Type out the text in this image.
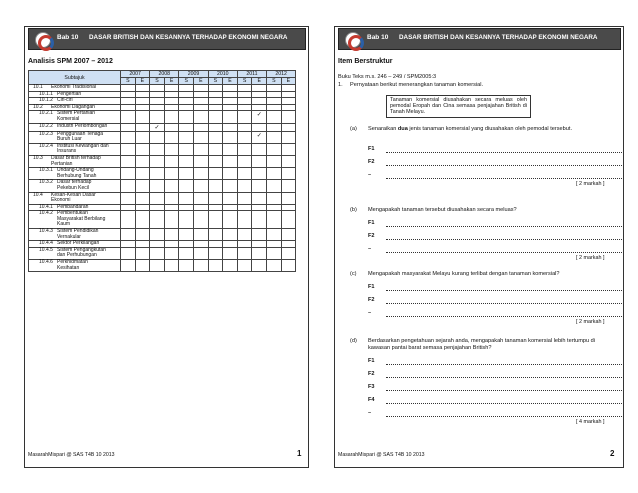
Bab 10 DASAR BRITISH DAN KESANNYA TERHADAP EKONOMI NEGARA
Analisis SPM 2007 – 2012
Subtajuk	2007		2008		2009		2010		2011		2012	
	S	E	S	E	S	E	S	E	S	E	S	E
10.1 Ekonomi Tradisional												
10.1.1 Pengertian												
10.1.2 Ciri-ciri												
10.2 Ekonomi Dagangan												
10.2.1 Sistem Pertanian Komersial										✓		
10.2.2 Industri Perlombongan			✓									
10.2.3 Penggunaan Tenaga Buruh Luar										✓		
10.2.4 Institusi Kewangan dan Insurans												
10.3 Dasar British terhadap Pertanian												
10.3.1 Undang-Undang Berhubung Tanah												
10.3.2 Dasar terhadap Pekebun Kecil												
10.4 Kesan-Kesan Dasar Ekonomi												
10.4.1 Pembandaran												
10.4.2 Pembentukan Masyarakat Berbilang Kaum												
10.4.3 Sistem Pendidikan Vernakular												
10.4.4 Sektor Perkilangan												
10.4.5 Sistem Pengangkutan dan Perhubungan												
10.4.6 Perkhidmatan Kesihatan												
MasarahMispari @ SAS T4B 10 2013	1
Bab 10 DASAR BRITISH DAN KESANNYA TERHADAP EKONOMI NEGARA
Item Berstruktur
Buku Teks m.s. 246 – 249 / SPM2005:3
1. Pernyataan berikut menerangkan tanaman komersial.
Tanaman komersial diusahakan secara meluas oleh pemodal Eropah dan Cina semasa penjajahan British di Tanah Melayu.
(a) Senaraikan dua jenis tanaman komersial yang diusahakan oleh pemodal tersebut.
F1
F2
–
[ 2 markah ]
(b) Mengapakah tanaman tersebut diusahakan secara meluas?
F1
F2
–
[ 2 markah ]
(c) Mengapakah masyarakat Melayu kurang terlibat dengan tanaman komersial?
F1
F2
–
[ 2 markah ]
(d) Berdasarkan pengetahuan sejarah anda, mengapakah tanaman komersial lebih tertumpu di kawasan pantai barat semasa penjajahan British?
F1
F2
F3
F4
–
[ 4 markah ]
MasarahMispari @ SAS T4B 10 2013	2
